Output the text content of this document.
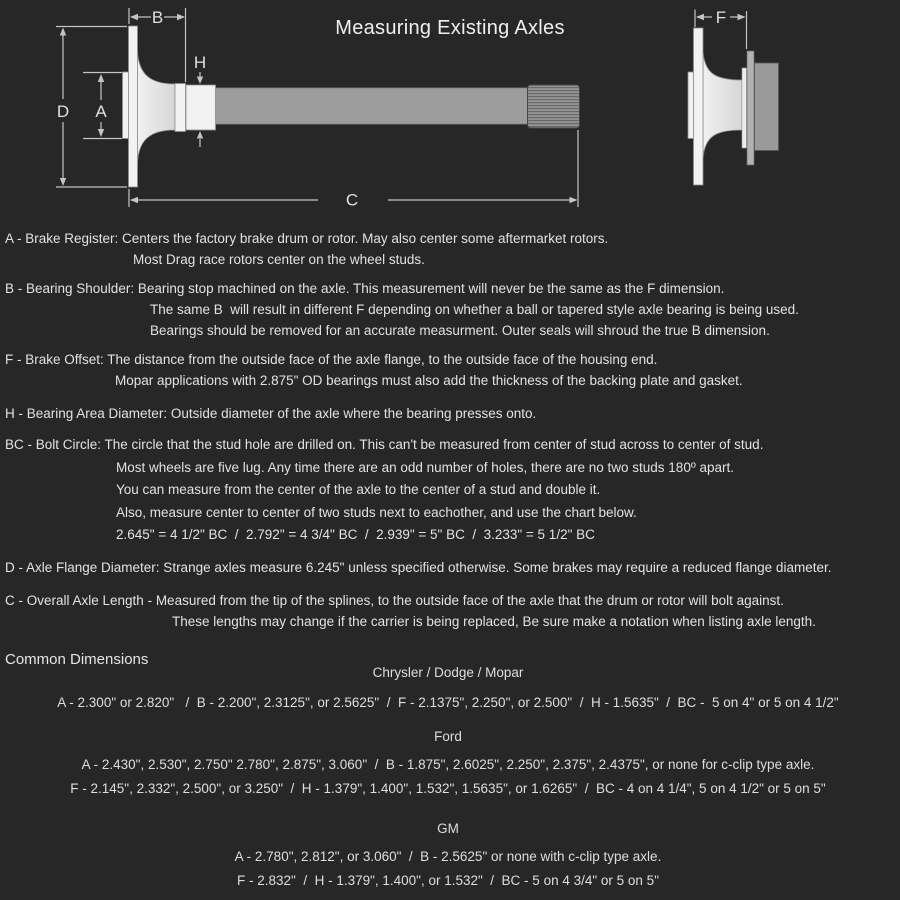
Measuring Existing Axles
B
D A
H
C
F
A - Brake Register: Centers the factory brake drum or rotor. May also center some aftermarket rotors.
Most Drag race rotors center on the wheel studs.
B - Bearing Shoulder: Bearing stop machined on the axle. This measurement will never be the same as the F dimension.
The same B  will result in different F depending on whether a ball or tapered style axle bearing is being used.
Bearings should be removed for an accurate measurment. Outer seals will shroud the true B dimension.
F - Brake Offset: The distance from the outside face of the axle flange, to the outside face of the housing end.
Mopar applications with 2.875" OD bearings must also add the thickness of the backing plate and gasket.
H - Bearing Area Diameter: Outside diameter of the axle where the bearing presses onto.
BC - Bolt Circle: The circle that the stud hole are drilled on. This can't be measured from center of stud across to center of stud.
Most wheels are five lug. Any time there are an odd number of holes, there are no two studs 180º apart.
You can measure from the center of the axle to the center of a stud and double it.
Also, measure center to center of two studs next to eachother, and use the chart below.
2.645" = 4 1/2" BC  /  2.792" = 4 3/4" BC  /  2.939" = 5" BC  /  3.233" = 5 1/2" BC
D - Axle Flange Diameter: Strange axles measure 6.245" unless specified otherwise. Some brakes may require a reduced flange diameter.
C - Overall Axle Length - Measured from the tip of the splines, to the outside face of the axle that the drum or rotor will bolt against.
These lengths may change if the carrier is being replaced, Be sure make a notation when listing axle length.
Common Dimensions
Chrysler / Dodge / Mopar
A - 2.300" or 2.820"   /  B - 2.200", 2.3125", or 2.5625"  /  F - 2.1375", 2.250", or 2.500"  /  H - 1.5635"  /  BC -  5 on 4" or 5 on 4 1/2"
Ford
A - 2.430", 2.530", 2.750" 2.780", 2.875", 3.060"  /  B - 1.875", 2.6025", 2.250", 2.375", 2.4375", or none for c-clip type axle.
F - 2.145", 2.332", 2.500", or 3.250"  /  H - 1.379", 1.400", 1.532", 1.5635", or 1.6265"  /  BC - 4 on 4 1/4", 5 on 4 1/2" or 5 on 5"
GM
A - 2.780", 2.812", or 3.060"  /  B - 2.5625" or none with c-clip type axle.
F - 2.832"  /  H - 1.379", 1.400", or 1.532"  /  BC - 5 on 4 3/4" or 5 on 5"
